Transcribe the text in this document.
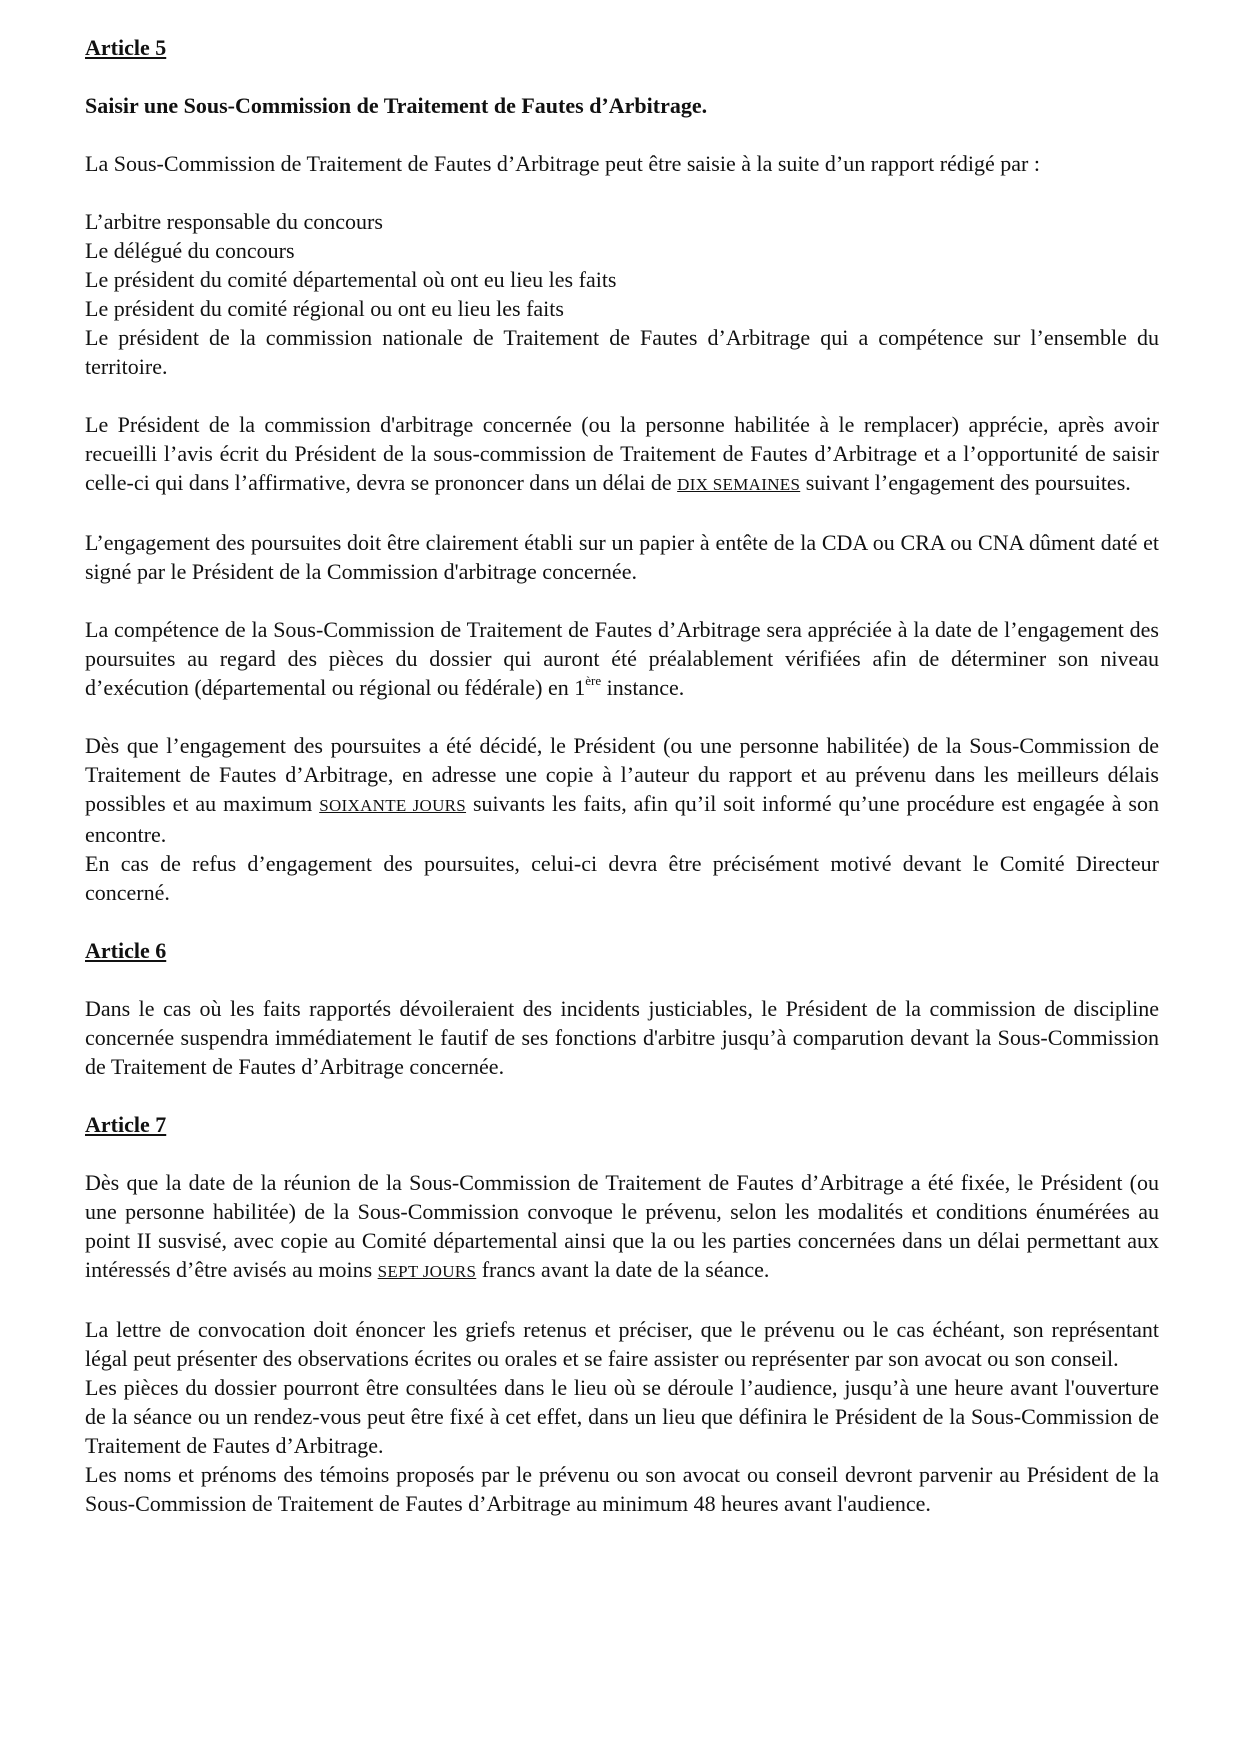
Article 5

Saisir une Sous-Commission de Traitement de Fautes d’Arbitrage.

La Sous-Commission de Traitement de Fautes d’Arbitrage peut être saisie à la suite d’un rapport rédigé par :

L’arbitre responsable du concours

Le délégué du concours

Le président du comité départemental où ont eu lieu les faits

Le président du comité régional ou ont eu lieu les faits

Le président de la commission nationale de Traitement de Fautes d’Arbitrage qui a compétence sur l’ensemble du territoire.

Le Président de la commission d'arbitrage concernée (ou la personne habilitée à le remplacer) apprécie, après avoir recueilli l’avis écrit du Président de la sous-commission de Traitement de Fautes d’Arbitrage et a l’opportunité de saisir celle-ci qui dans l’affirmative, devra se prononcer dans un délai de DIX SEMAINES suivant l’engagement des poursuites.

L’engagement des poursuites doit être clairement établi sur un papier à entête de la CDA ou CRA ou CNA dûment daté et signé par le Président de la Commission d'arbitrage concernée.

La compétence de la Sous-Commission de Traitement de Fautes d’Arbitrage sera appréciée à la date de l’engagement des poursuites au regard des pièces du dossier qui auront été préalablement vérifiées afin de déterminer son niveau d’exécution (départemental ou régional ou fédérale) en 1ère instance.

Dès que l’engagement des poursuites a été décidé, le Président (ou une personne habilitée) de la Sous-Commission de Traitement de Fautes d’Arbitrage, en adresse une copie à l’auteur du rapport et au prévenu dans les meilleurs délais possibles et au maximum SOIXANTE JOURS suivants les faits, afin qu’il soit informé qu’une procédure est engagée à son encontre.

En cas de refus d’engagement des poursuites, celui-ci devra être précisément motivé devant le Comité Directeur concerné.

Article 6

Dans le cas où les faits rapportés dévoileraient des incidents justiciables, le Président de la commission de discipline concernée suspendra immédiatement le fautif de ses fonctions d'arbitre jusqu’à comparution devant la Sous-Commission de Traitement de Fautes d’Arbitrage concernée.

Article 7

Dès que la date de la réunion de la Sous-Commission de Traitement de Fautes d’Arbitrage a été fixée, le Président (ou une personne habilitée) de la Sous-Commission convoque le prévenu, selon les modalités et conditions énumérées au point II susvisé, avec copie au Comité départemental ainsi que la ou les parties concernées dans un délai permettant aux intéressés d’être avisés au moins SEPT JOURS francs avant la date de la séance.

La lettre de convocation doit énoncer les griefs retenus et préciser, que le prévenu ou le cas échéant, son représentant légal peut présenter des observations écrites ou orales et se faire assister ou représenter par son avocat ou son conseil.

Les pièces du dossier pourront être consultées dans le lieu où se déroule l’audience, jusqu’à une heure avant l'ouverture de la séance ou un rendez-vous peut être fixé à cet effet, dans un lieu que définira le Président de la Sous-Commission de Traitement de Fautes d’Arbitrage.

Les noms et prénoms des témoins proposés par le prévenu ou son avocat ou conseil devront parvenir au Président de la Sous-Commission de Traitement de Fautes d’Arbitrage au minimum 48 heures avant l'audience.
